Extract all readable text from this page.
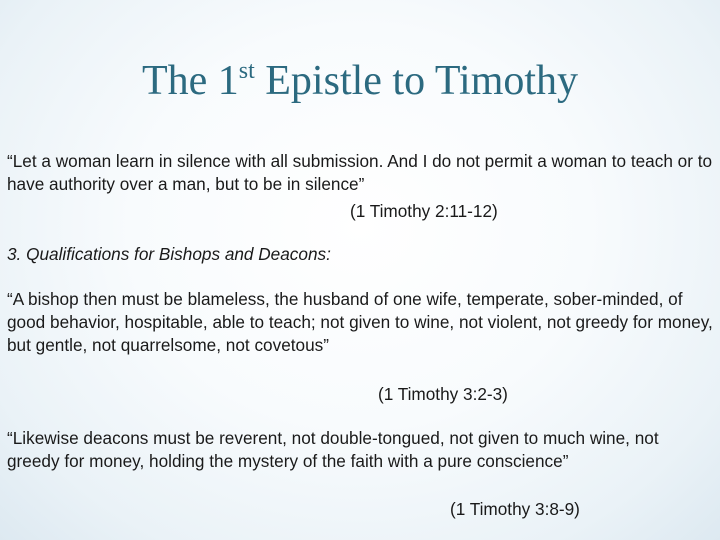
The 1st Epistle to Timothy

“Let a woman learn in silence with all submission. And I do not permit a woman to teach or to have authority over a man, but to be in silence”

(1 Timothy 2:11-12)

3. Qualifications for Bishops and Deacons:

“A bishop then must be blameless, the husband of one wife, temperate, sober-minded, of good behavior, hospitable, able to teach; not given to wine, not violent, not greedy for money, but gentle, not quarrelsome, not covetous”

(1 Timothy 3:2-3)

“Likewise deacons must be reverent, not double-tongued, not given to much wine, not greedy for money, holding the mystery of the faith with a pure conscience”

(1 Timothy 3:8-9)
